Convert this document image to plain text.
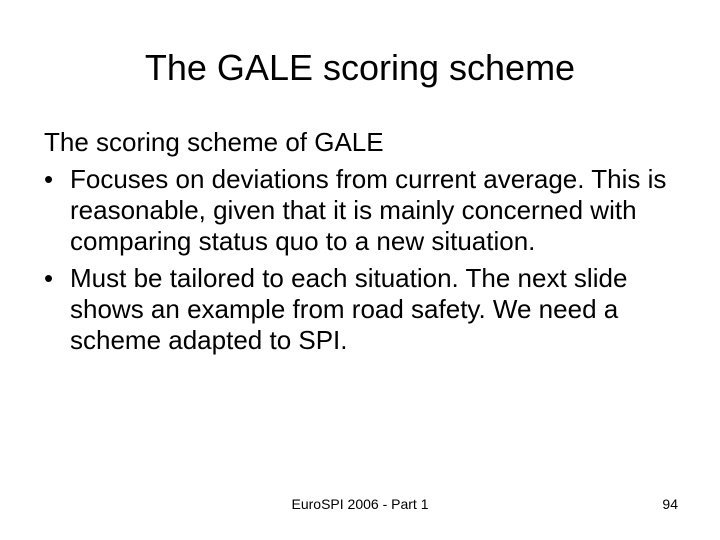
The GALE scoring scheme

The scoring scheme of GALE

• Focuses on deviations from current average. This is reasonable, given that it is mainly concerned with comparing status quo to a new situation.
• Must be tailored to each situation. The next slide shows an example from road safety. We need a scheme adapted to SPI.
EuroSPI 2006 - Part 1	94
